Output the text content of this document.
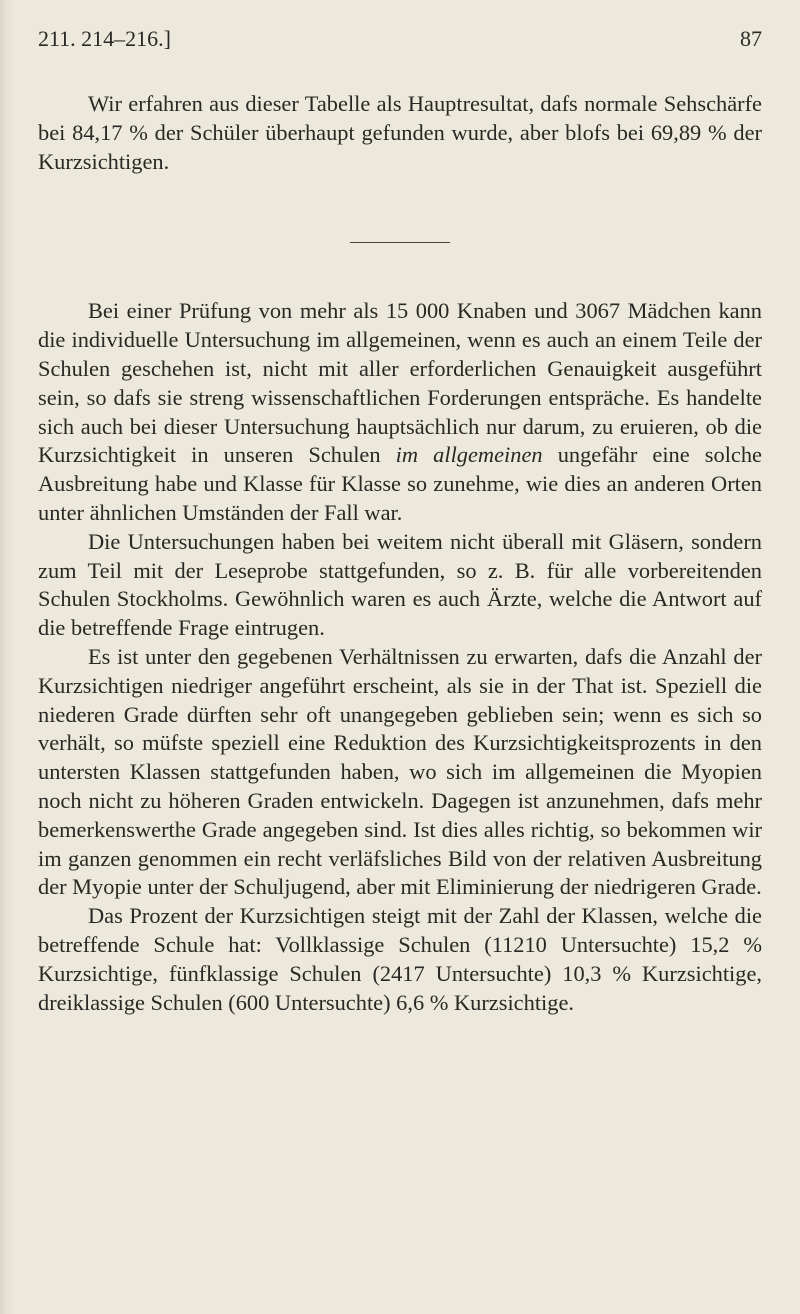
211. 214–216.]	87

Wir erfahren aus dieser Tabelle als Hauptresultat, dafs normale Sehschärfe bei 84,17 % der Schüler überhaupt gefunden wurde, aber blofs bei 69,89 % der Kurzsichtigen.

Bei einer Prüfung von mehr als 15 000 Knaben und 3067 Mädchen kann die individuelle Untersuchung im allgemeinen, wenn es auch an einem Teile der Schulen geschehen ist, nicht mit aller erforderlichen Genauigkeit ausgeführt sein, so dafs sie streng wissenschaftlichen Forderungen entspräche. Es handelte sich auch bei dieser Untersuchung hauptsächlich nur darum, zu eruieren, ob die Kurzsichtigkeit in unseren Schulen im allgemeinen ungefähr eine solche Ausbreitung habe und Klasse für Klasse so zunehme, wie dies an anderen Orten unter ähnlichen Umständen der Fall war.

Die Untersuchungen haben bei weitem nicht überall mit Gläsern, sondern zum Teil mit der Leseprobe stattgefunden, so z. B. für alle vorbereitenden Schulen Stockholms. Gewöhnlich waren es auch Ärzte, welche die Antwort auf die betreffende Frage eintrugen.

Es ist unter den gegebenen Verhältnissen zu erwarten, dafs die Anzahl der Kurzsichtigen niedriger angeführt erscheint, als sie in der That ist. Speziell die niederen Grade dürften sehr oft unangegeben geblieben sein; wenn es sich so verhält, so müfste speziell eine Reduktion des Kurzsichtigkeitsprozents in den untersten Klassen stattgefunden haben, wo sich im allgemeinen die Myopien noch nicht zu höheren Graden entwickeln. Dagegen ist anzunehmen, dafs mehr bemerkenswerthe Grade angegeben sind. Ist dies alles richtig, so bekommen wir im ganzen genommen ein recht verläfsliches Bild von der relativen Ausbreitung der Myopie unter der Schuljugend, aber mit Eliminierung der niedrigeren Grade.

Das Prozent der Kurzsichtigen steigt mit der Zahl der Klassen, welche die betreffende Schule hat: Vollklassige Schulen (11210 Untersuchte) 15,2 % Kurzsichtige, fünfklassige Schulen (2417 Untersuchte) 10,3 % Kurzsichtige, dreiklassige Schulen (600 Untersuchte) 6,6 % Kurzsichtige.
